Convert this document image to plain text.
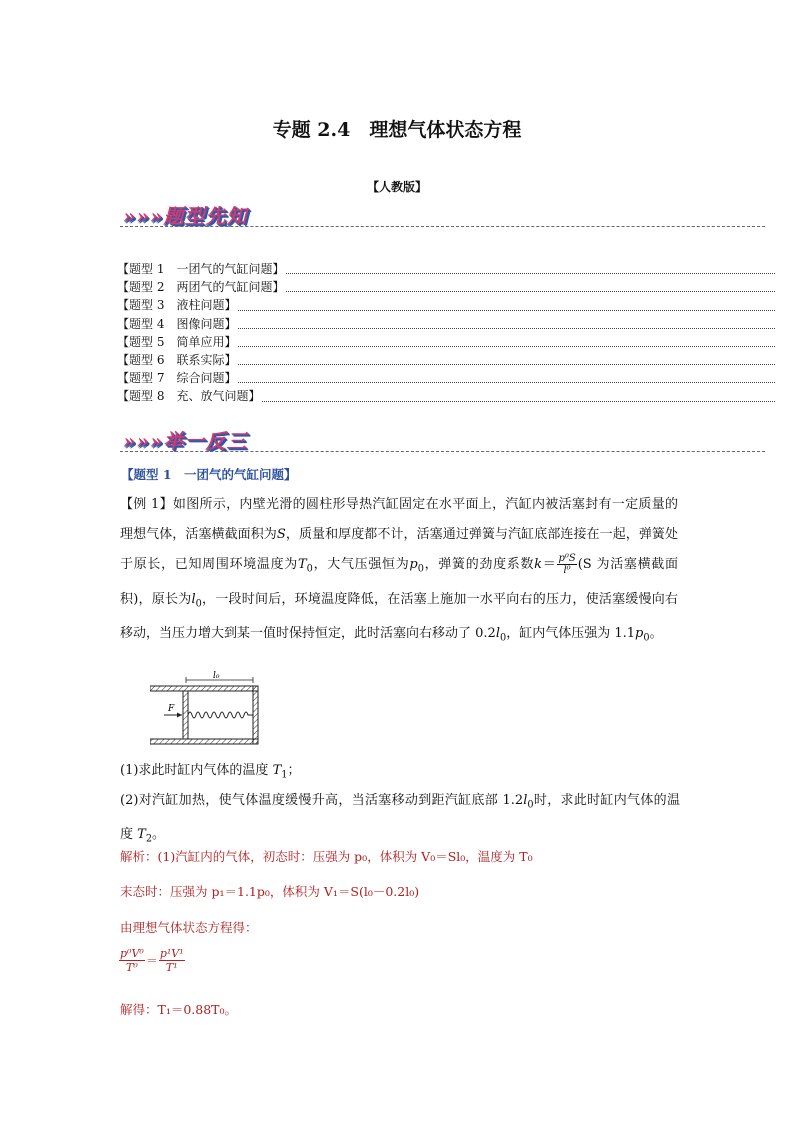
专题 2.4　理想气体状态方程
【人教版】
»»»题型先知
【题型 1　一团气的气缸问题】
【题型 2　两团气的气缸问题】
【题型 3　液柱问题】
【题型 4　图像问题】
【题型 5　简单应用】
【题型 6　联系实际】
【题型 7　综合问题】
【题型 8　充、放气问题】
»»»举一反三
【题型 1　一团气的气缸问题】
【例 1】如图所示，内壁光滑的圆柱形导热汽缸固定在水平面上，汽缸内被活塞封有一定质量的理想气体，活塞横截面积为S，质量和厚度都不计，活塞通过弹簧与汽缸底部连接在一起，弹簧处于原长，已知周围环境温度为$T_0$，大气压强恒为$p_0$，弹簧的劲度系数$k= \frac{\text{p⁰S}}{\text{l⁰}} (S$ 为活塞横截面积)，原长为$l_0$，一段时间后，环境温度降低，在活塞上施加一水平向右的压力，使活塞缓慢向右移动，当压力增大到某一值时保持恒定，此时活塞向右移动了 $0.2l_0$，缸内气体压强为 $1.1p_0$。
F
l₀
(1)求此时缸内气体的温度 $T_1$；
(2)对汽缸加热，使气体温度缓慢升高，当活塞移动到距汽缸底部 $1.2l_0$时，求此时缸内气体的温度 $T_2$。
解析：(1)汽缸内的气体，初态时：压强为 p₀，体积为 V₀＝Sl₀，温度为 T₀
末态时：压强为 p₁＝1.1p₀，体积为 V₁＝S(l₀－0.2l₀)
由理想气体状态方程得：
$\frac{\text{p⁰V⁰}}{\text{T⁰}} = \frac{\text{p¹V¹}}{\text{T¹}}$
解得：T₁＝0.88T₀。
